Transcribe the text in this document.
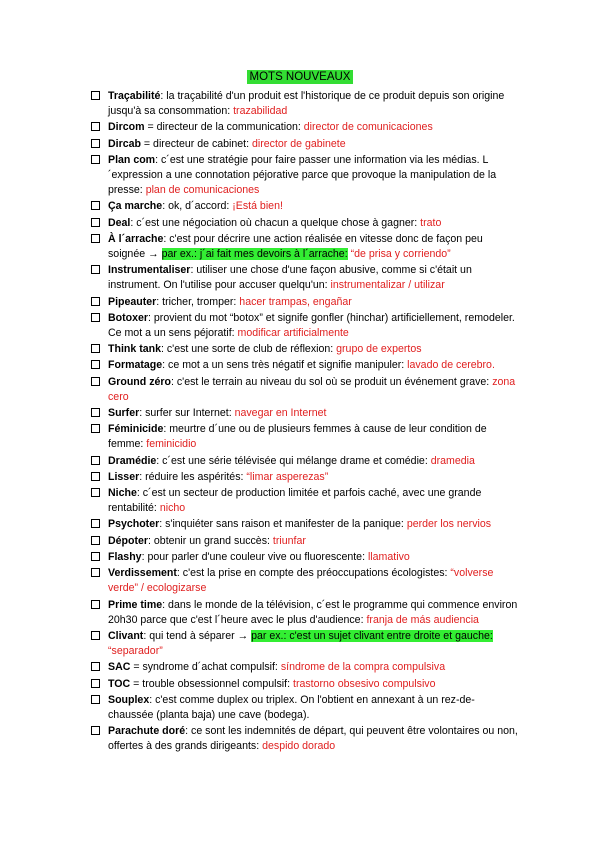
MOTS NOUVEAUX
Traçabilité: la traçabilité d'un produit est l'historique de ce produit depuis son origine jusqu'à sa consommation: trazabilidad
Dircom = directeur de la communication: director de comunicaciones
Dircab = directeur de cabinet: director de gabinete
Plan com: c´est une stratégie pour faire passer une information via les médias. L´expression a une connotation péjorative parce que provoque la manipulation de la presse: plan de comunicaciones
Ça marche: ok, d´accord: ¡Está bien!
Deal: c´est une négociation où chacun a quelque chose à gagner: trato
À l´arrache: c'est pour décrire une action réalisée en vitesse donc de façon peu soignée → par ex.: j´ai fait mes devoirs à l´arrache: “de prisa y corriendo”
Instrumentaliser: utiliser une chose d'une façon abusive, comme si c'était un instrument. On l'utilise pour accuser quelqu'un: instrumentalizar / utilizar
Pipeauter: tricher, tromper: hacer trampas, engañar
Botoxer: provient du mot “botox” et signife gonfler (hinchar) artificiellement, remodeler. Ce mot a un sens péjoratif: modificar artificialmente
Think tank: c'est une sorte de club de réflexion: grupo de expertos
Formatage: ce mot a un sens très négatif et signifie manipuler: lavado de cerebro.
Ground zéro: c'est le terrain au niveau du sol où se produit un événement grave: zona cero
Surfer: surfer sur Internet: navegar en Internet
Féminicide: meurtre d´une ou de plusieurs femmes à cause de leur condition de femme: feminicidio
Dramédie: c´est une série télévisée qui mélange drame et comédie: dramedia
Lisser: réduire les aspérités: “limar asperezas”
Niche: c´est un secteur de production limitée et parfois caché, avec une grande rentabilité: nicho
Psychoter: s'inquiéter sans raison et manifester de la panique: perder los nervios
Dépoter: obtenir un grand succès: triunfar
Flashy: pour parler d'une couleur vive ou fluorescente: llamativo
Verdissement: c'est la prise en compte des préoccupations écologistes: “volverse verde” / ecologizarse
Prime time: dans le monde de la télévision, c´est le programme qui commence environ 20h30 parce que c'est l´heure avec le plus d'audience: franja de más audiencia
Clivant: qui tend à séparer → par ex.: c'est un sujet clivant entre droite et gauche: “separador”
SAC = syndrome d´achat compulsif: síndrome de la compra compulsiva
TOC = trouble obsessionnel compulsif: trastorno obsesivo compulsivo
Souplex: c'est comme duplex ou triplex. On l'obtient en annexant à un rez-de-chaussée (planta baja) une cave (bodega).
Parachute doré: ce sont les indemnités de départ, qui peuvent être volontaires ou non, offertes à des grands dirigeants: despido dorado
